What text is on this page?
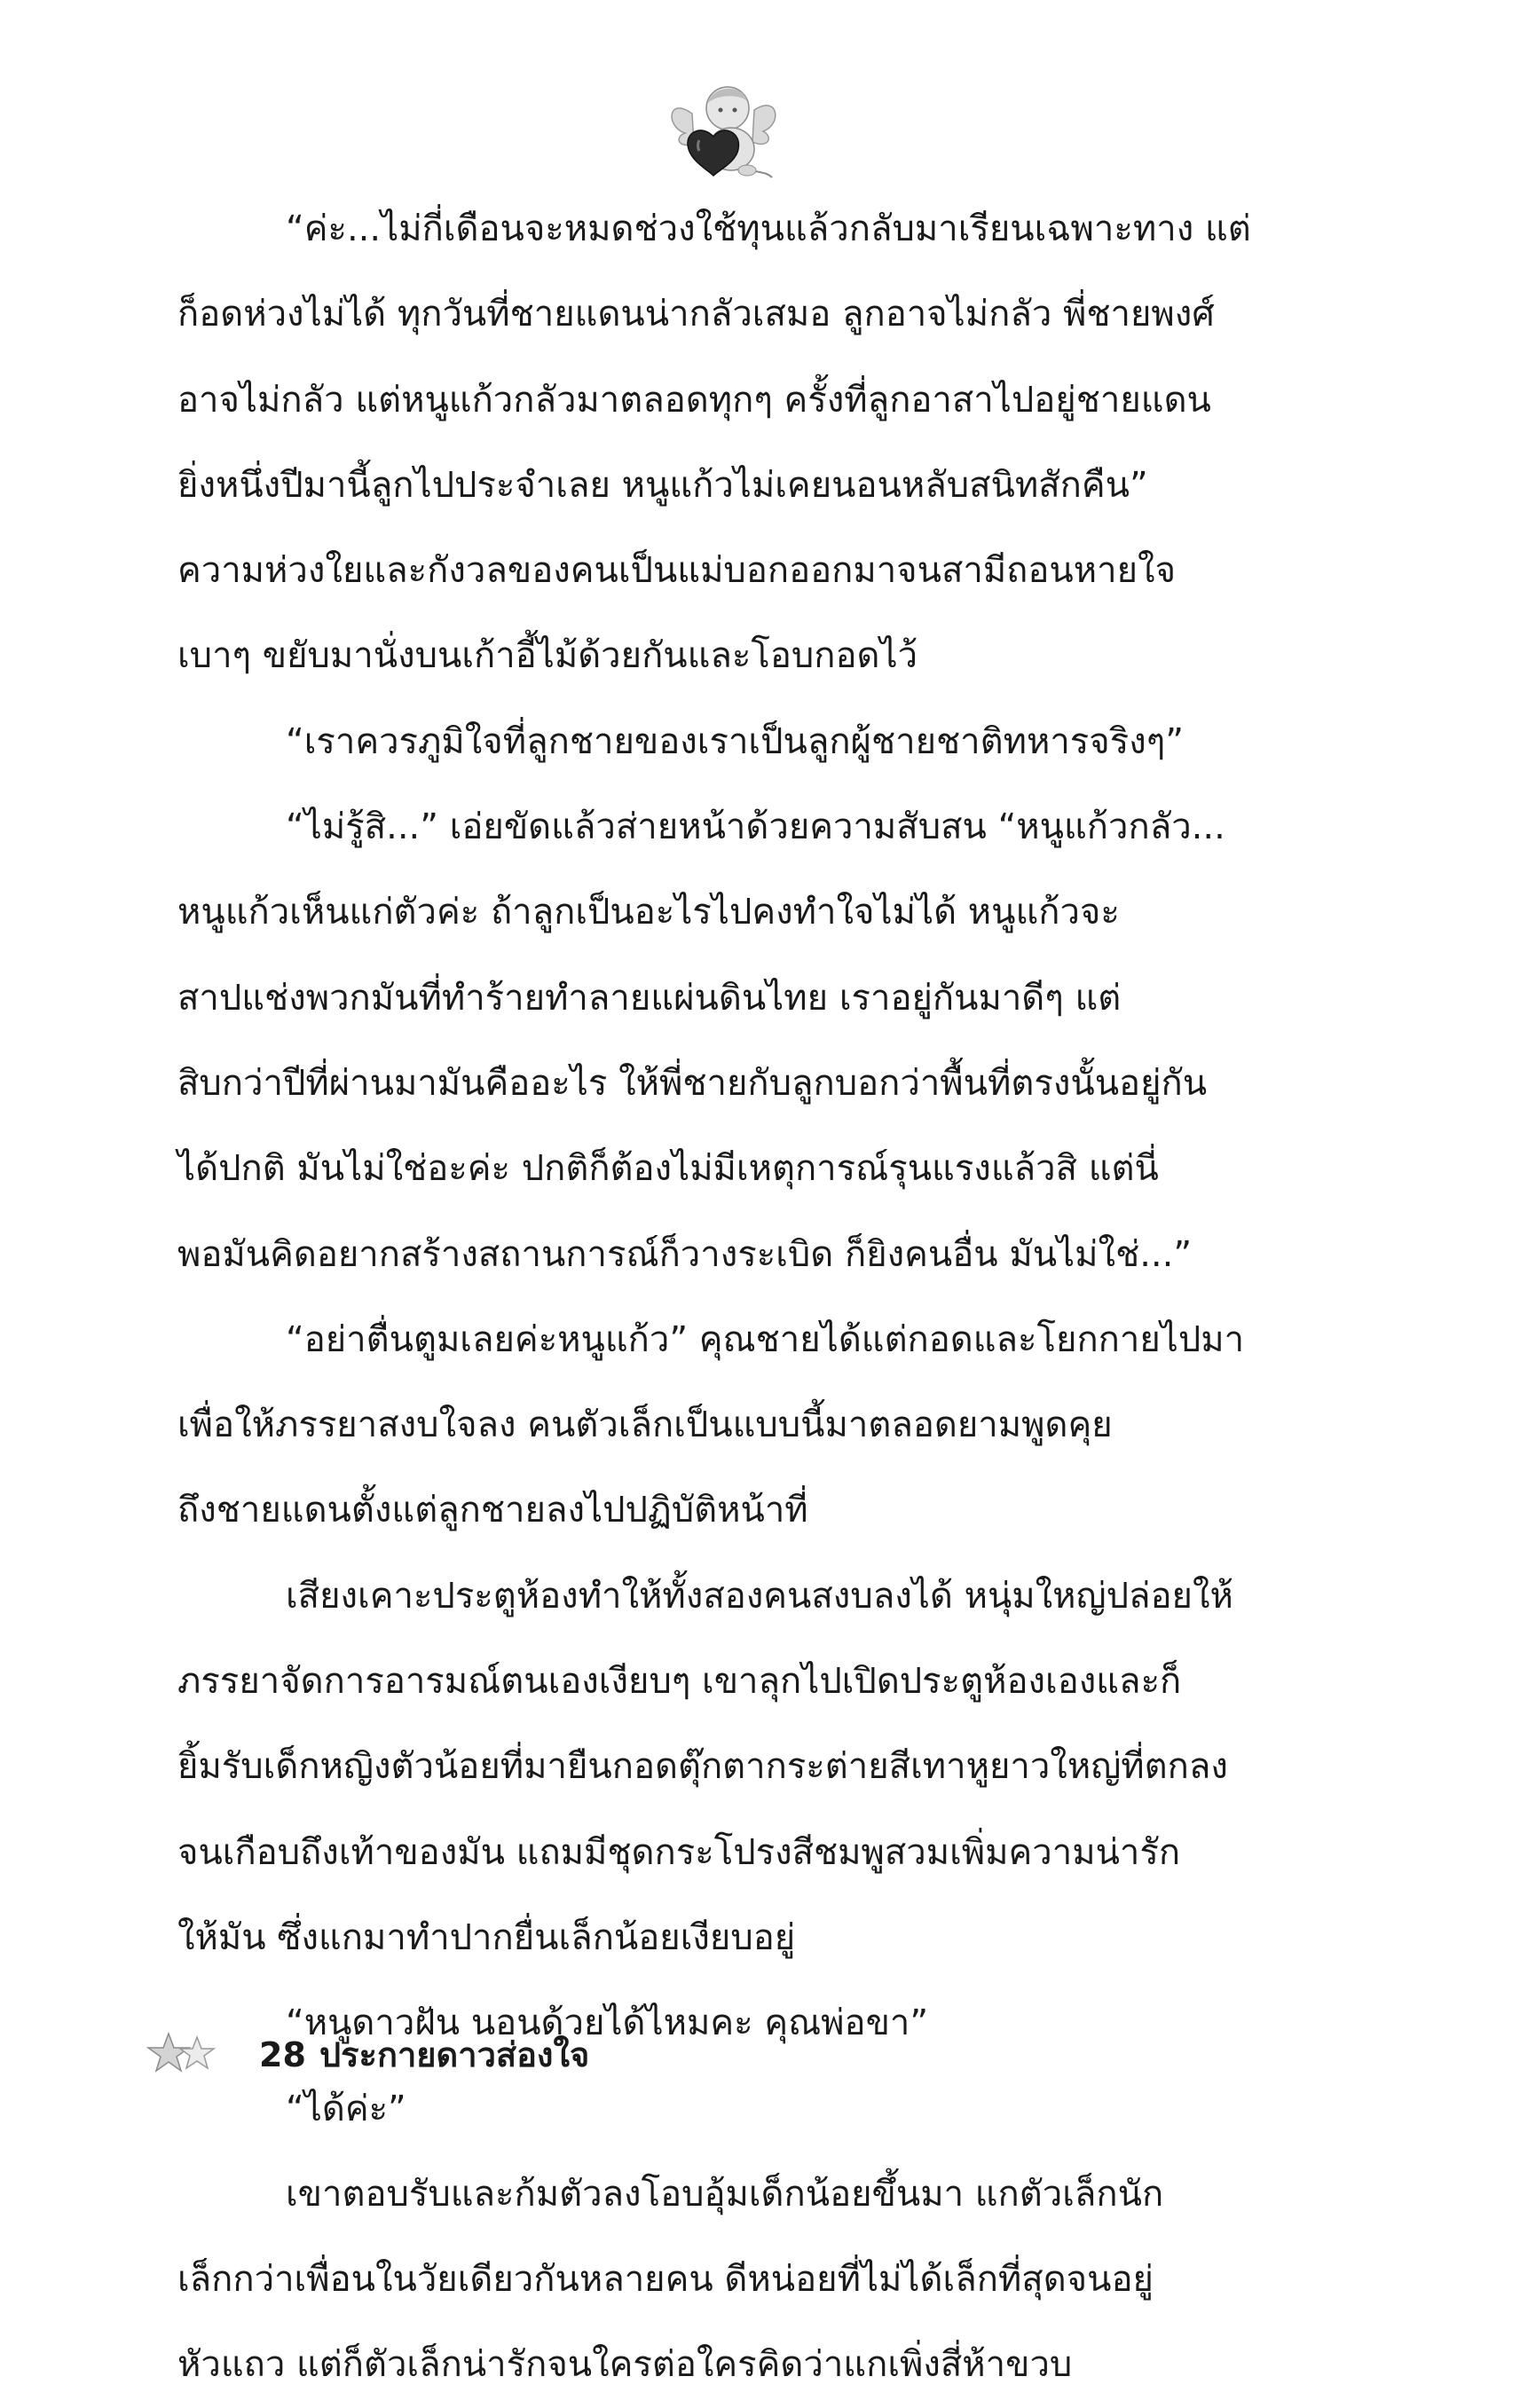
“ค่ะ...ไม่กี่เดือนจะหมดช่วงใช้ทุนแล้วกลับมาเรียนเฉพาะทาง แต่
ก็อดห่วงไม่ได้ ทุกวันที่ชายแดนน่ากลัวเสมอ ลูกอาจไม่กลัว พี่ชายพงศ์
อาจไม่กลัว แต่หนูแก้วกลัวมาตลอดทุกๆ ครั้งที่ลูกอาสาไปอยู่ชายแดน
ยิ่งหนึ่งปีมานี้ลูกไปประจำเลย หนูแก้วไม่เคยนอนหลับสนิทสักคืน”
ความห่วงใยและกังวลของคนเป็นแม่บอกออกมาจนสามีถอนหายใจ
เบาๆ ขยับมานั่งบนเก้าอี้ไม้ด้วยกันและโอบกอดไว้
“เราควรภูมิใจที่ลูกชายของเราเป็นลูกผู้ชายชาติทหารจริงๆ”
“ไม่รู้สิ...” เอ่ยขัดแล้วส่ายหน้าด้วยความสับสน “หนูแก้วกลัว...
หนูแก้วเห็นแก่ตัวค่ะ ถ้าลูกเป็นอะไรไปคงทำใจไม่ได้ หนูแก้วจะ
สาปแช่งพวกมันที่ทำร้ายทำลายแผ่นดินไทย เราอยู่กันมาดีๆ แต่
สิบกว่าปีที่ผ่านมามันคืออะไร ให้พี่ชายกับลูกบอกว่าพื้นที่ตรงนั้นอยู่กัน
ได้ปกติ มันไม่ใช่อะค่ะ ปกติก็ต้องไม่มีเหตุการณ์รุนแรงแล้วสิ แต่นี่
พอมันคิดอยากสร้างสถานการณ์ก็วางระเบิด ก็ยิงคนอื่น มันไม่ใช่...”
“อย่าตื่นตูมเลยค่ะหนูแก้ว” คุณชายได้แต่กอดและโยกกายไปมา
เพื่อให้ภรรยาสงบใจลง คนตัวเล็กเป็นแบบนี้มาตลอดยามพูดคุย
ถึงชายแดนตั้งแต่ลูกชายลงไปปฏิบัติหน้าที่
เสียงเคาะประตูห้องทำให้ทั้งสองคนสงบลงได้ หนุ่มใหญ่ปล่อยให้
ภรรยาจัดการอารมณ์ตนเองเงียบๆ เขาลุกไปเปิดประตูห้องเองและก็
ยิ้มรับเด็กหญิงตัวน้อยที่มายืนกอดตุ๊กตากระต่ายสีเทาหูยาวใหญ่ที่ตกลง
จนเกือบถึงเท้าของมัน แถมมีชุดกระโปรงสีชมพูสวมเพิ่มความน่ารัก
ให้มัน ซึ่งแกมาทำปากยื่นเล็กน้อยเงียบอยู่
“หนูดาวฝัน นอนด้วยได้ไหมคะ คุณพ่อขา”
“ได้ค่ะ”
เขาตอบรับและก้มตัวลงโอบอุ้มเด็กน้อยขึ้นมา แกตัวเล็กนัก
เล็กกว่าเพื่อนในวัยเดียวกันหลายคน ดีหน่อยที่ไม่ได้เล็กที่สุดจนอยู่
หัวแถว แต่ก็ตัวเล็กน่ารักจนใครต่อใครคิดว่าแกเพิ่งสี่ห้าขวบ
28 ประกายดาวส่องใจ
